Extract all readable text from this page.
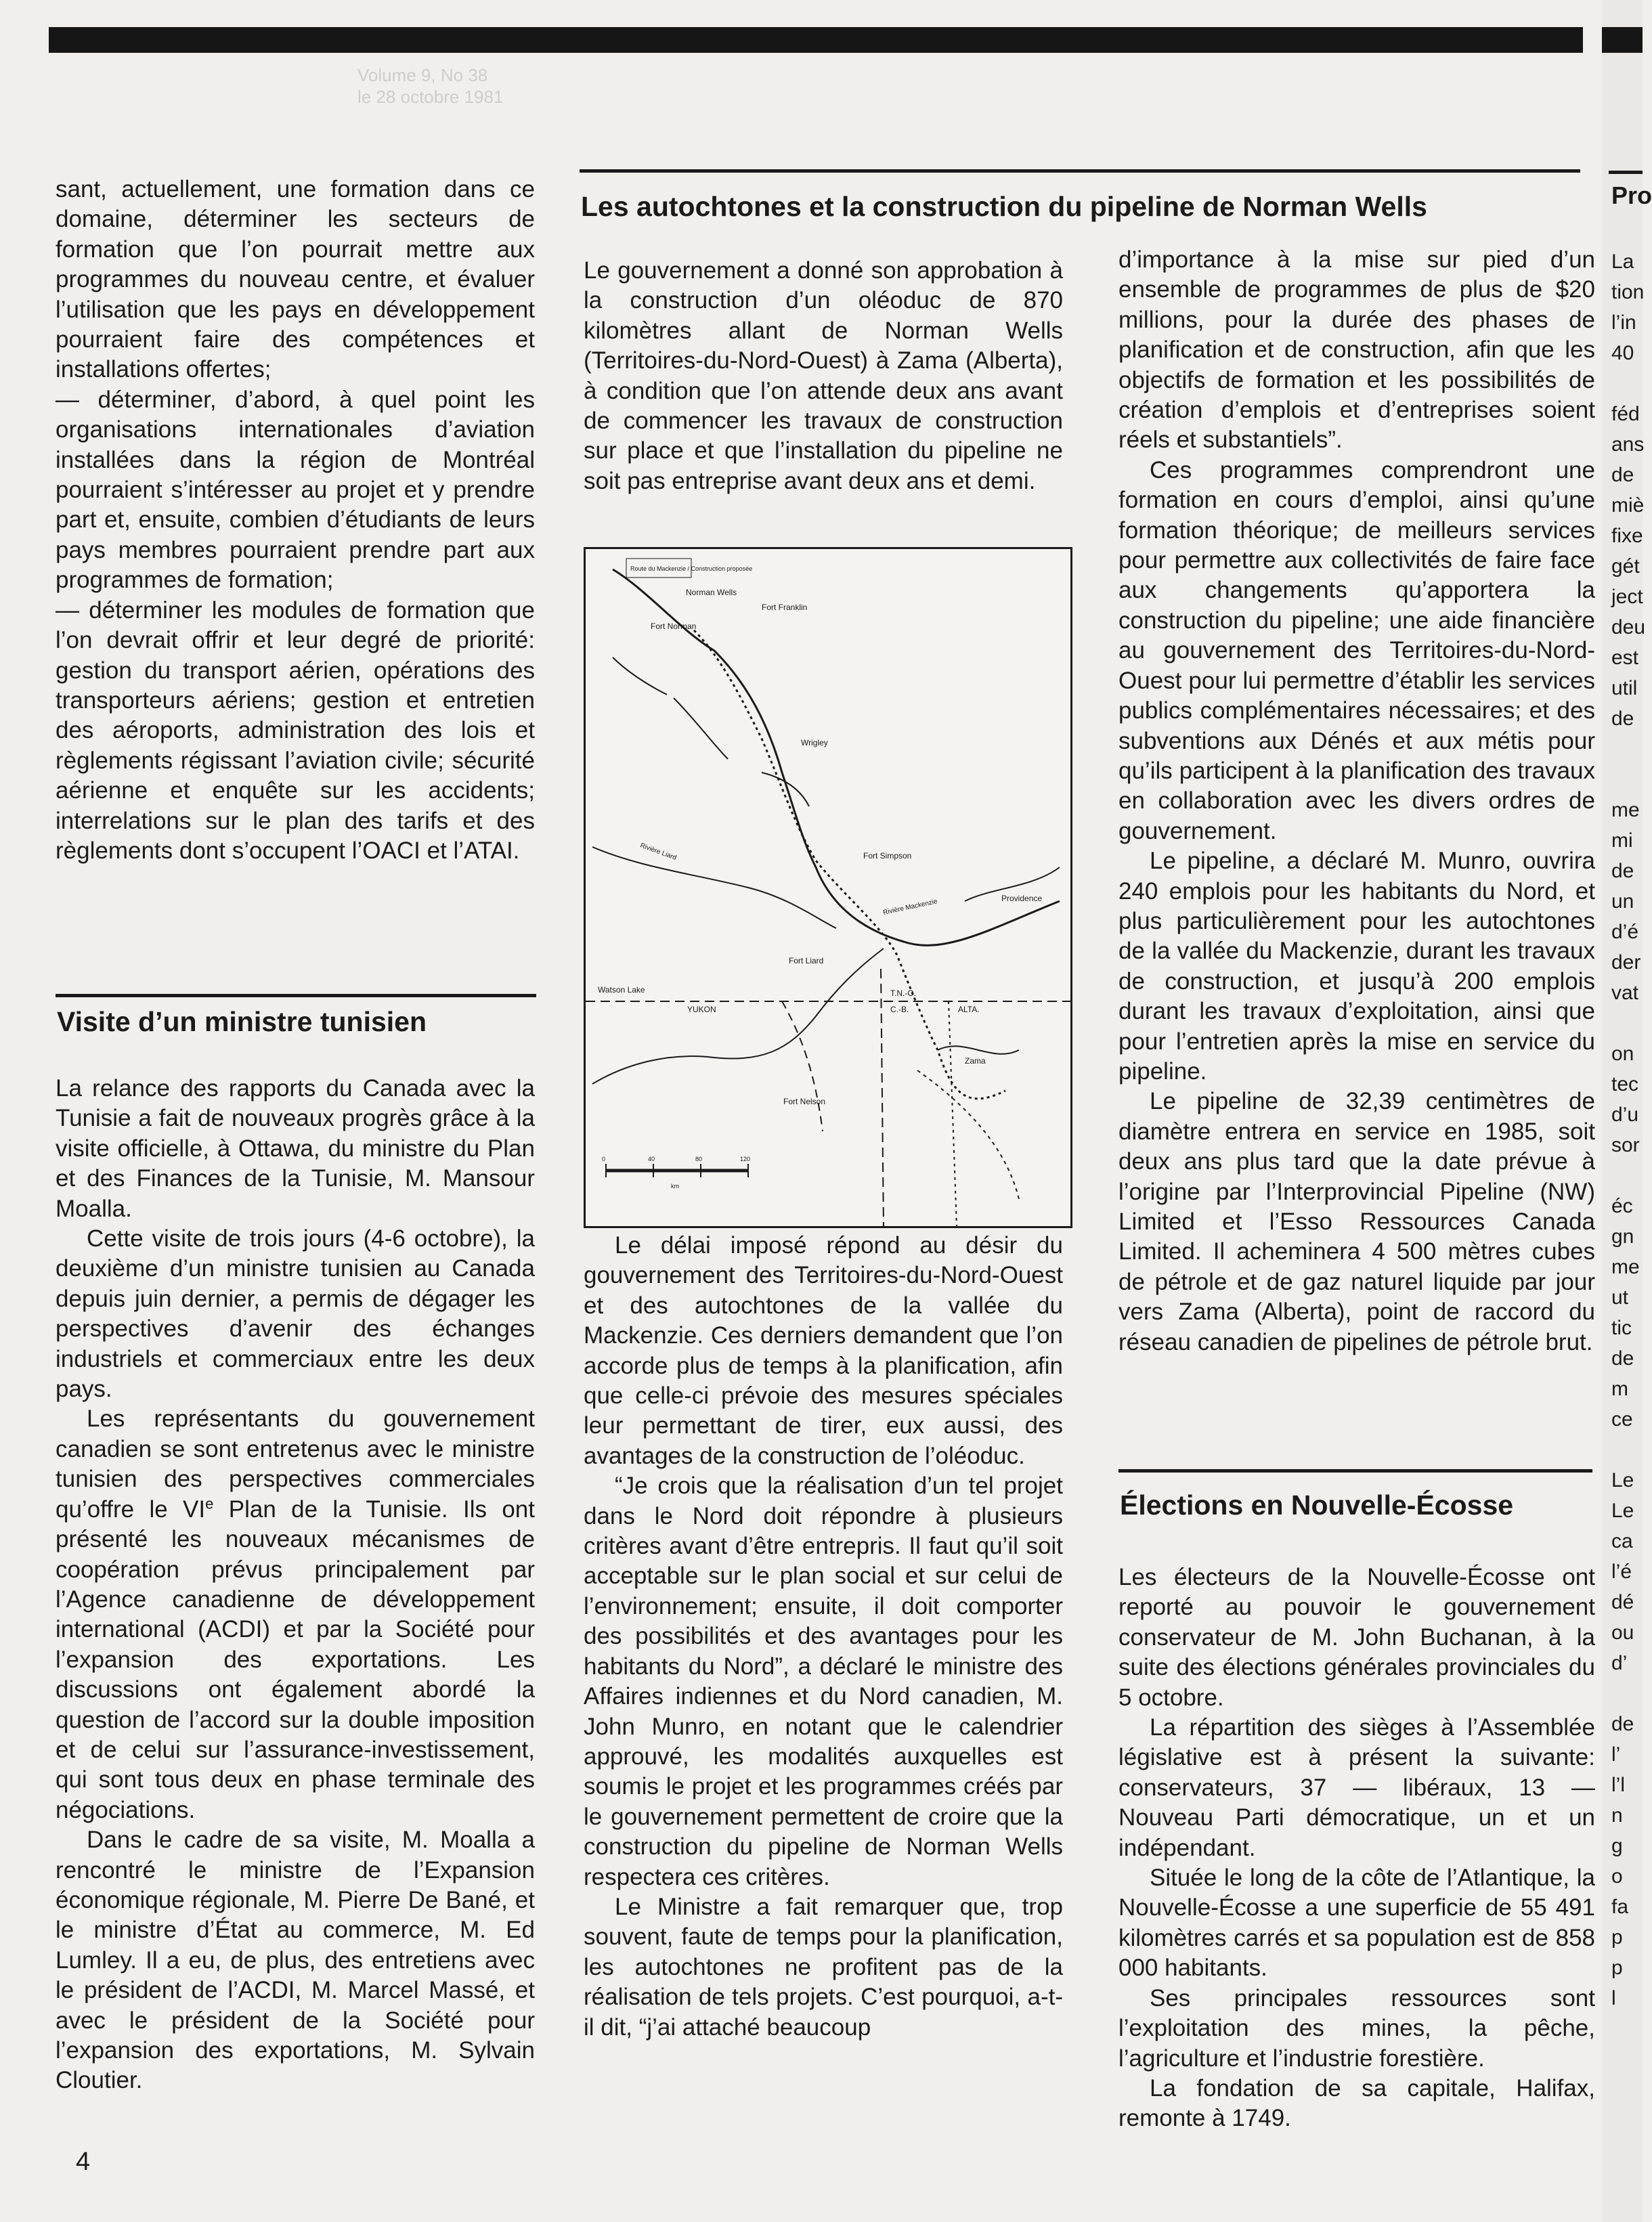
Volume 9, No 38
le 28 octobre 1981
Pro
La
tion
l’in
40
féd
ans
de
miè
fixe
gét
ject
deu
est
util
de
me
mi
de
un
d’é
der
vat
on
tec
d’u
sor
éc
gn
me
ut
tic
de
m
ce
Le
Le
ca
l’é
dé
ou
d’
de
l’
l’l
n
g
o
fa
p
p
l

sant, actuellement, une formation dans ce domaine, déterminer les secteurs de formation que l’on pourrait mettre aux programmes du nouveau centre, et évaluer l’utilisation que les pays en développement pourraient faire des compétences et installations offertes;

— déterminer, d’abord, à quel point les organisations internationales d’aviation installées dans la région de Montréal pourraient s’intéresser au projet et y prendre part et, ensuite, combien d’étudiants de leurs pays membres pourraient prendre part aux programmes de formation;

— déterminer les modules de formation que l’on devrait offrir et leur degré de priorité: gestion du transport aérien, opérations des transporteurs aériens; gestion et entretien des aéroports, administration des lois et règlements régissant l’aviation civile; sécurité aérienne et enquête sur les accidents; interrelations sur le plan des tarifs et des règlements dont s’occupent l’OACI et l’ATAI.

Visite d’un ministre tunisien

La relance des rapports du Canada avec la Tunisie a fait de nouveaux progrès grâce à la visite officielle, à Ottawa, du ministre du Plan et des Finances de la Tunisie, M. Mansour Moalla.

Cette visite de trois jours (4-6 octobre), la deuxième d’un ministre tunisien au Canada depuis juin dernier, a permis de dégager les perspectives d’avenir des échanges industriels et commerciaux entre les deux pays.

Les représentants du gouvernement canadien se sont entretenus avec le ministre tunisien des perspectives commerciales qu’offre le VIe Plan de la Tunisie. Ils ont présenté les nouveaux mécanismes de coopération prévus principalement par l’Agence canadienne de développement international (ACDI) et par la Société pour l’expansion des exportations. Les discussions ont également abordé la question de l’accord sur la double imposition et de celui sur l’assurance-investissement, qui sont tous deux en phase terminale des négociations.

Dans le cadre de sa visite, M. Moalla a rencontré le ministre de l’Expansion économique régionale, M. Pierre De Bané, et le ministre d’État au commerce, M. Ed Lumley. Il a eu, de plus, des entretiens avec le président de l’ACDI, M. Marcel Massé, et avec le président de la Société pour l’expansion des exportations, M. Sylvain Cloutier.

Les autochtones et la construction du pipeline de Norman Wells

Le gouvernement a donné son approbation à la construction d’un oléoduc de 870 kilomètres allant de Norman Wells (Territoires-du-Nord-Ouest) à Zama (Alberta), à condition que l’on attende deux ans avant de commencer les travaux de construction sur place et que l’installation du pipeline ne soit pas entreprise avant deux ans et demi.

Route du Mackenzie / Construction proposée
Norman Wells
Fort Franklin
Fort Norman
Wrigley
Fort Simpson
Providence
Fort Liard
Watson Lake
YUKON
T.N.-O.
C.-B.	ALTA.
Zama
Fort Nelson
Rivière Mackenzie
Rivière Liard
0	40	80	120
km

Le délai imposé répond au désir du gouvernement des Territoires-du-Nord-Ouest et des autochtones de la vallée du Mackenzie. Ces derniers demandent que l’on accorde plus de temps à la planification, afin que celle-ci prévoie des mesures spéciales leur permettant de tirer, eux aussi, des avantages de la construction de l’oléoduc.

“Je crois que la réalisation d’un tel projet dans le Nord doit répondre à plusieurs critères avant d’être entrepris. Il faut qu’il soit acceptable sur le plan social et sur celui de l’environnement; ensuite, il doit comporter des possibilités et des avantages pour les habitants du Nord”, a déclaré le ministre des Affaires indiennes et du Nord canadien, M. John Munro, en notant que le calendrier approuvé, les modalités auxquelles est soumis le projet et les programmes créés par le gouvernement permettent de croire que la construction du pipeline de Norman Wells respectera ces critères.

Le Ministre a fait remarquer que, trop souvent, faute de temps pour la planification, les autochtones ne profitent pas de la réalisation de tels projets. C’est pourquoi, a-t-il dit, “j’ai attaché beaucoup

d’importance à la mise sur pied d’un ensemble de programmes de plus de $20 millions, pour la durée des phases de planification et de construction, afin que les objectifs de formation et les possibilités de création d’emplois et d’entreprises soient réels et substantiels”.

Ces programmes comprendront une formation en cours d’emploi, ainsi qu’une formation théorique; de meilleurs services pour permettre aux collectivités de faire face aux changements qu’apportera la construction du pipeline; une aide financière au gouvernement des Territoires-du-Nord-Ouest pour lui permettre d’établir les services publics complémentaires nécessaires; et des subventions aux Dénés et aux métis pour qu’ils participent à la planification des travaux en collaboration avec les divers ordres de gouvernement.

Le pipeline, a déclaré M. Munro, ouvrira 240 emplois pour les habitants du Nord, et plus particulièrement pour les autochtones de la vallée du Mackenzie, durant les travaux de construction, et jusqu’à 200 emplois durant les travaux d’exploitation, ainsi que pour l’entretien après la mise en service du pipeline.

Le pipeline de 32,39 centimètres de diamètre entrera en service en 1985, soit deux ans plus tard que la date prévue à l’origine par l’Interprovincial Pipeline (NW) Limited et l’Esso Ressources Canada Limited. Il acheminera 4 500 mètres cubes de pétrole et de gaz naturel liquide par jour vers Zama (Alberta), point de raccord du réseau canadien de pipelines de pétrole brut.

Élections en Nouvelle-Écosse

Les électeurs de la Nouvelle-Écosse ont reporté au pouvoir le gouvernement conservateur de M. John Buchanan, à la suite des élections générales provinciales du 5 octobre.

La répartition des sièges à l’Assemblée législative est à présent la suivante: conservateurs, 37 — libéraux, 13 — Nouveau Parti démocratique, un et un indépendant.

Située le long de la côte de l’Atlantique, la Nouvelle-Écosse a une superficie de 55 491 kilomètres carrés et sa population est de 858 000 habitants.

Ses principales ressources sont l’exploitation des mines, la pêche, l’agriculture et l’industrie forestière.

La fondation de sa capitale, Halifax, remonte à 1749.

4
